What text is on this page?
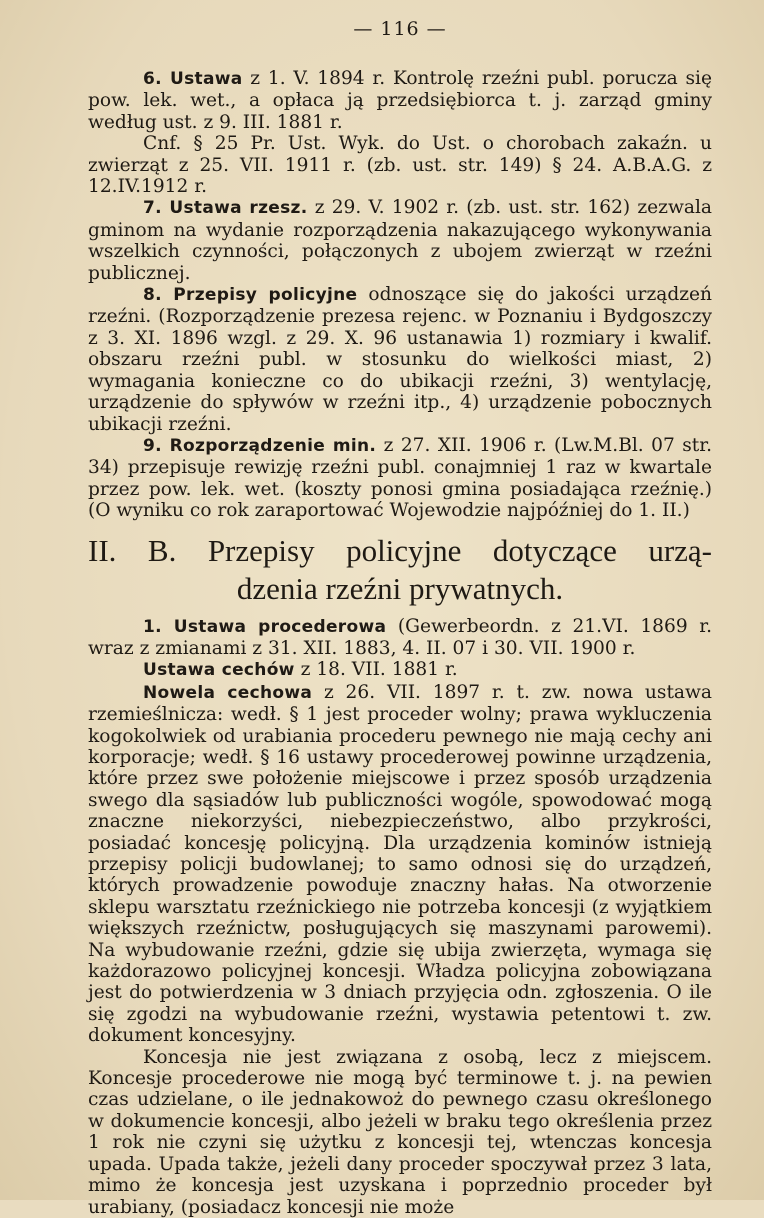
— 116 —

6. Ustawa z 1. V. 1894 r. Kontrolę rzeźni publ. porucza się pow. lek. wet., a opłaca ją przedsiębiorca t. j. zarząd gminy według ust. z 9. III. 1881 r.

Cnf. § 25 Pr. Ust. Wyk. do Ust. o chorobach zakaźn. u zwierząt z 25. VII. 1911 r. (zb. ust. str. 149) § 24. A.B.A.G. z 12.IV.1912 r.

7. Ustawa rzesz. z 29. V. 1902 r. (zb. ust. str. 162) zezwala gminom na wydanie rozporządzenia nakazującego wykonywania wszelkich czynności, połączonych z ubojem zwierząt w rzeźni publicznej.

8. Przepisy policyjne odnoszące się do jakości urządzeń rzeźni. (Rozporządzenie prezesa rejenc. w Poznaniu i Bydgoszczy z 3. XI. 1896 wzgl. z 29. X. 96 ustanawia 1) rozmiary i kwalif. obszaru rzeźni publ. w stosunku do wielkości miast, 2) wymagania konieczne co do ubikacji rzeźni, 3) wentylację, urządzenie do spływów w rzeźni itp., 4) urządzenie pobocznych ubikacji rzeźni.

9. Rozporządzenie min. z 27. XII. 1906 r. (Lw.M.Bl. 07 str. 34) przepisuje rewizję rzeźni publ. conajmniej 1 raz w kwartale przez pow. lek. wet. (koszty ponosi gmina posiadająca rzeźnię.) (O wyniku co rok zaraportować Wojewodzie najpóźniej do 1. II.)

II. B. Przepisy policyjne dotyczące urzą-
dzenia rzeźni prywatnych.

1. Ustawa procederowa (Gewerbeordn. z 21.VI. 1869 r. wraz z zmianami z 31. XII. 1883, 4. II. 07 i 30. VII. 1900 r.

Ustawa cechów z 18. VII. 1881 r.

Nowela cechowa z 26. VII. 1897 r. t. zw. nowa ustawa rzemieślnicza: wedł. § 1 jest proceder wolny; prawa wykluczenia kogokolwiek od urabiania procederu pewnego nie mają cechy ani korporacje; wedł. § 16 ustawy procederowej powinne urządzenia, które przez swe położenie miejscowe i przez sposób urządzenia swego dla sąsiadów lub publiczności wogóle, spowodować mogą znaczne niekorzyści, niebezpieczeństwo, albo przykrości, posiadać koncesję policyjną. Dla urządzenia kominów istnieją przepisy policji budowlanej; to samo odnosi się do urządzeń, których prowadzenie powoduje znaczny hałas. Na otworzenie sklepu warsztatu rzeźnickiego nie potrzeba koncesji (z wyjątkiem większych rzeźnictw, posługujących się maszynami parowemi). Na wybudowanie rzeźni, gdzie się ubija zwierzęta, wymaga się każdorazowo policyjnej koncesji. Władza policyjna zobowiązana jest do potwierdzenia w 3 dniach przyjęcia odn. zgłoszenia. O ile się zgodzi na wybudowanie rzeźni, wystawia petentowi t. zw. dokument koncesyjny.

Koncesja nie jest związana z osobą, lecz z miejscem. Koncesje procederowe nie mogą być terminowe t. j. na pewien czas udzielane, o ile jednakowoż do pewnego czasu określonego w dokumencie koncesji, albo jeżeli w braku tego określenia przez 1 rok nie czyni się użytku z koncesji tej, wtenczas koncesja upada. Upada także, jeżeli dany proceder spoczywał przez 3 lata, mimo że koncesja jest uzyskana i poprzednio proceder był urabiany, (posiadacz koncesji nie może
